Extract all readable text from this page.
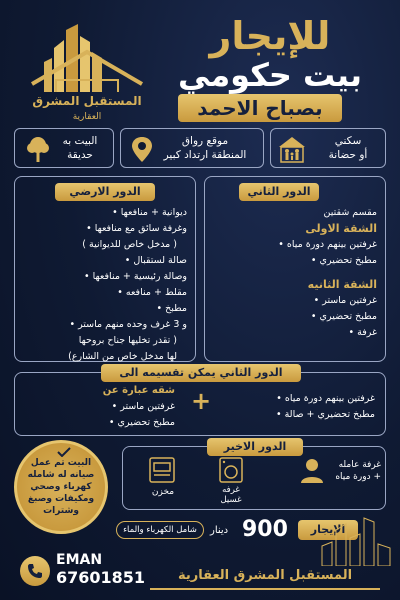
المستقبل المشرق
العقارية
للإيجار
بيت حكومي
بصباح الاحمد
سكني
أو حضانة
موقع رواق
المنطقة ارتداد كبير
البيت به
حديقة
الدور الارضي
ديوانية + منافعها •
وغرفة سائق مع منافعها •
( مدخل خاص للديوانية )
صالة لستقبال •
وصالة رئيسية + منافعها •
مقلط + منافعه •
مطبخ •
و 3 غرف وحده منهم ماستر •
( تقدر تخليها جناح بروحها
لها مدخل خاص من الشارع)
الدور الثاني
مقسم شقتين
الشقة الاولى
غرفتين بينهم دورة مياه •
مطبخ تحضيري •
الشقة الثانيه
غرفتين ماستر •
مطبخ تحضيري •
غرفة •
الدور الثاني يمكن تقسيمه الى
غرفتين بينهم دورة مياه •
مطبخ تحضيري + صالة •
+
شقه عبارة عن
غرفتين ماستر •
مطبخ تحضيري •
البيت تم عمل
صيانه له شامله
كهرباء وصحي
ومكيفات وصبغ
وشترات
الدور الاخير
غرفة عامله
+ دورة مياه
غرفه
غسيل
مخزن
شامل الكهرباء والماء	دينار 900	الإيجار
EMAN
67601851	المستقبل المشرق العقارية
